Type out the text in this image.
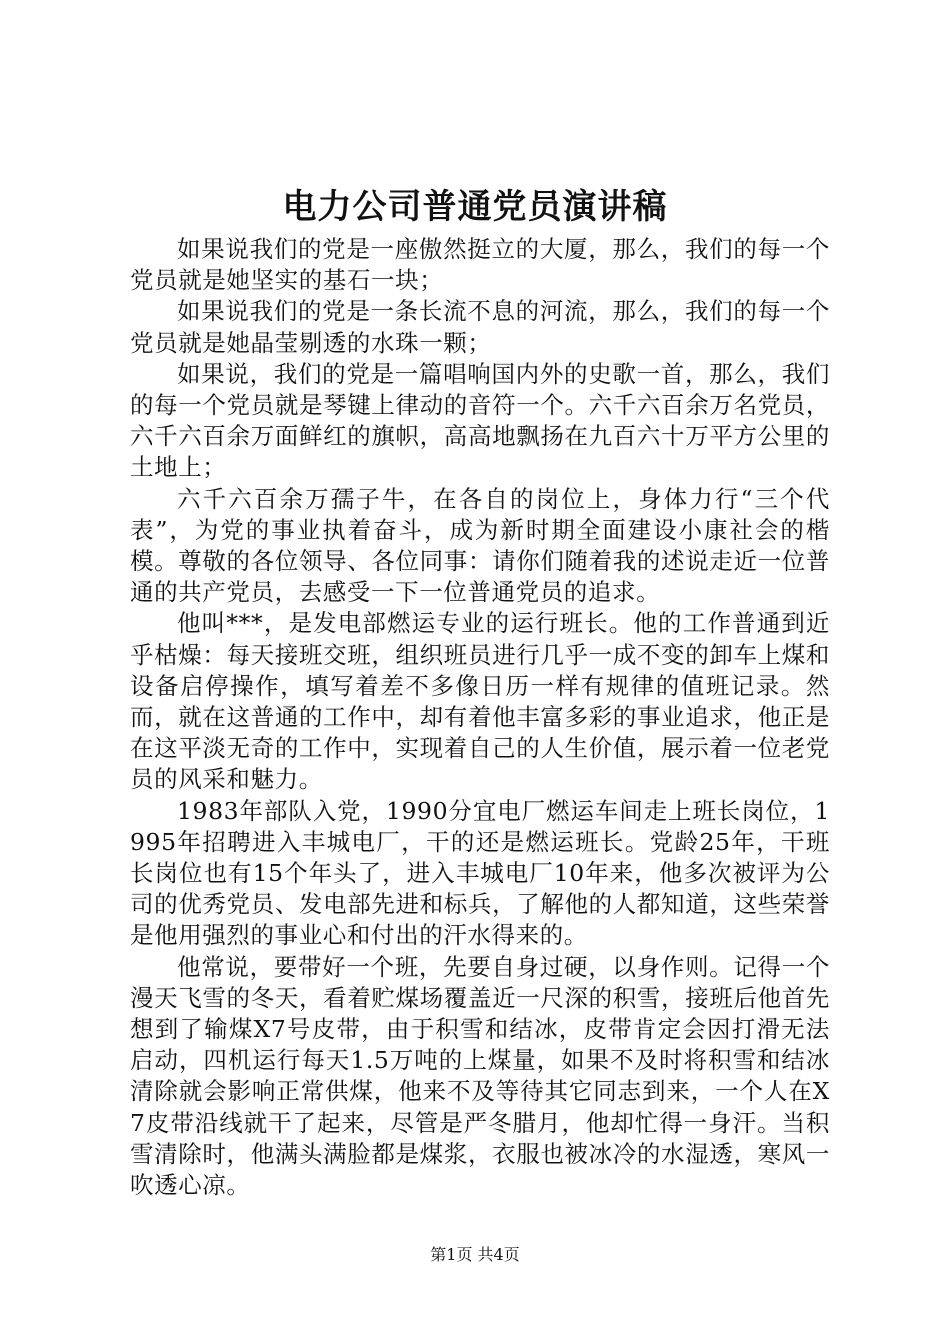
电力公司普通党员演讲稿

如果说我们的党是一座傲然挺立的大厦，那么，我们的每一个党员就是她坚实的基石一块；

如果说我们的党是一条长流不息的河流，那么，我们的每一个党员就是她晶莹剔透的水珠一颗；

如果说，我们的党是一篇唱响国内外的史歌一首，那么，我们的每一个党员就是琴键上律动的音符一个。六千六百余万名党员，六千六百余万面鲜红的旗帜，高高地飘扬在九百六十万平方公里的土地上；

六千六百余万孺子牛，在各自的岗位上，身体力行“三个代表”，为党的事业执着奋斗，成为新时期全面建设小康社会的楷模。尊敬的各位领导、各位同事：请你们随着我的述说走近一位普通的共产党员，去感受一下一位普通党员的追求。

他叫***，是发电部燃运专业的运行班长。他的工作普通到近乎枯燥：每天接班交班，组织班员进行几乎一成不变的卸车上煤和设备启停操作，填写着差不多像日历一样有规律的值班记录。然而，就在这普通的工作中，却有着他丰富多彩的事业追求，他正是在这平淡无奇的工作中，实现着自己的人生价值，展示着一位老党员的风采和魅力。

1983年部队入党，1990分宜电厂燃运车间走上班长岗位，1995年招聘进入丰城电厂，干的还是燃运班长。党龄25年，干班长岗位也有15个年头了，进入丰城电厂10年来，他多次被评为公司的优秀党员、发电部先进和标兵，了解他的人都知道，这些荣誉是他用强烈的事业心和付出的汗水得来的。

他常说，要带好一个班，先要自身过硬，以身作则。记得一个漫天飞雪的冬天，看着贮煤场覆盖近一尺深的积雪，接班后他首先想到了输煤X7号皮带，由于积雪和结冰，皮带肯定会因打滑无法启动，四机运行每天1.5万吨的上煤量，如果不及时将积雪和结冰清除就会影响正常供煤，他来不及等待其它同志到来，一个人在X7皮带沿线就干了起来，尽管是严冬腊月，他却忙得一身汗。当积雪清除时，他满头满脸都是煤浆，衣服也被冰冷的水湿透，寒风一吹透心凉。

第1页 共4页
